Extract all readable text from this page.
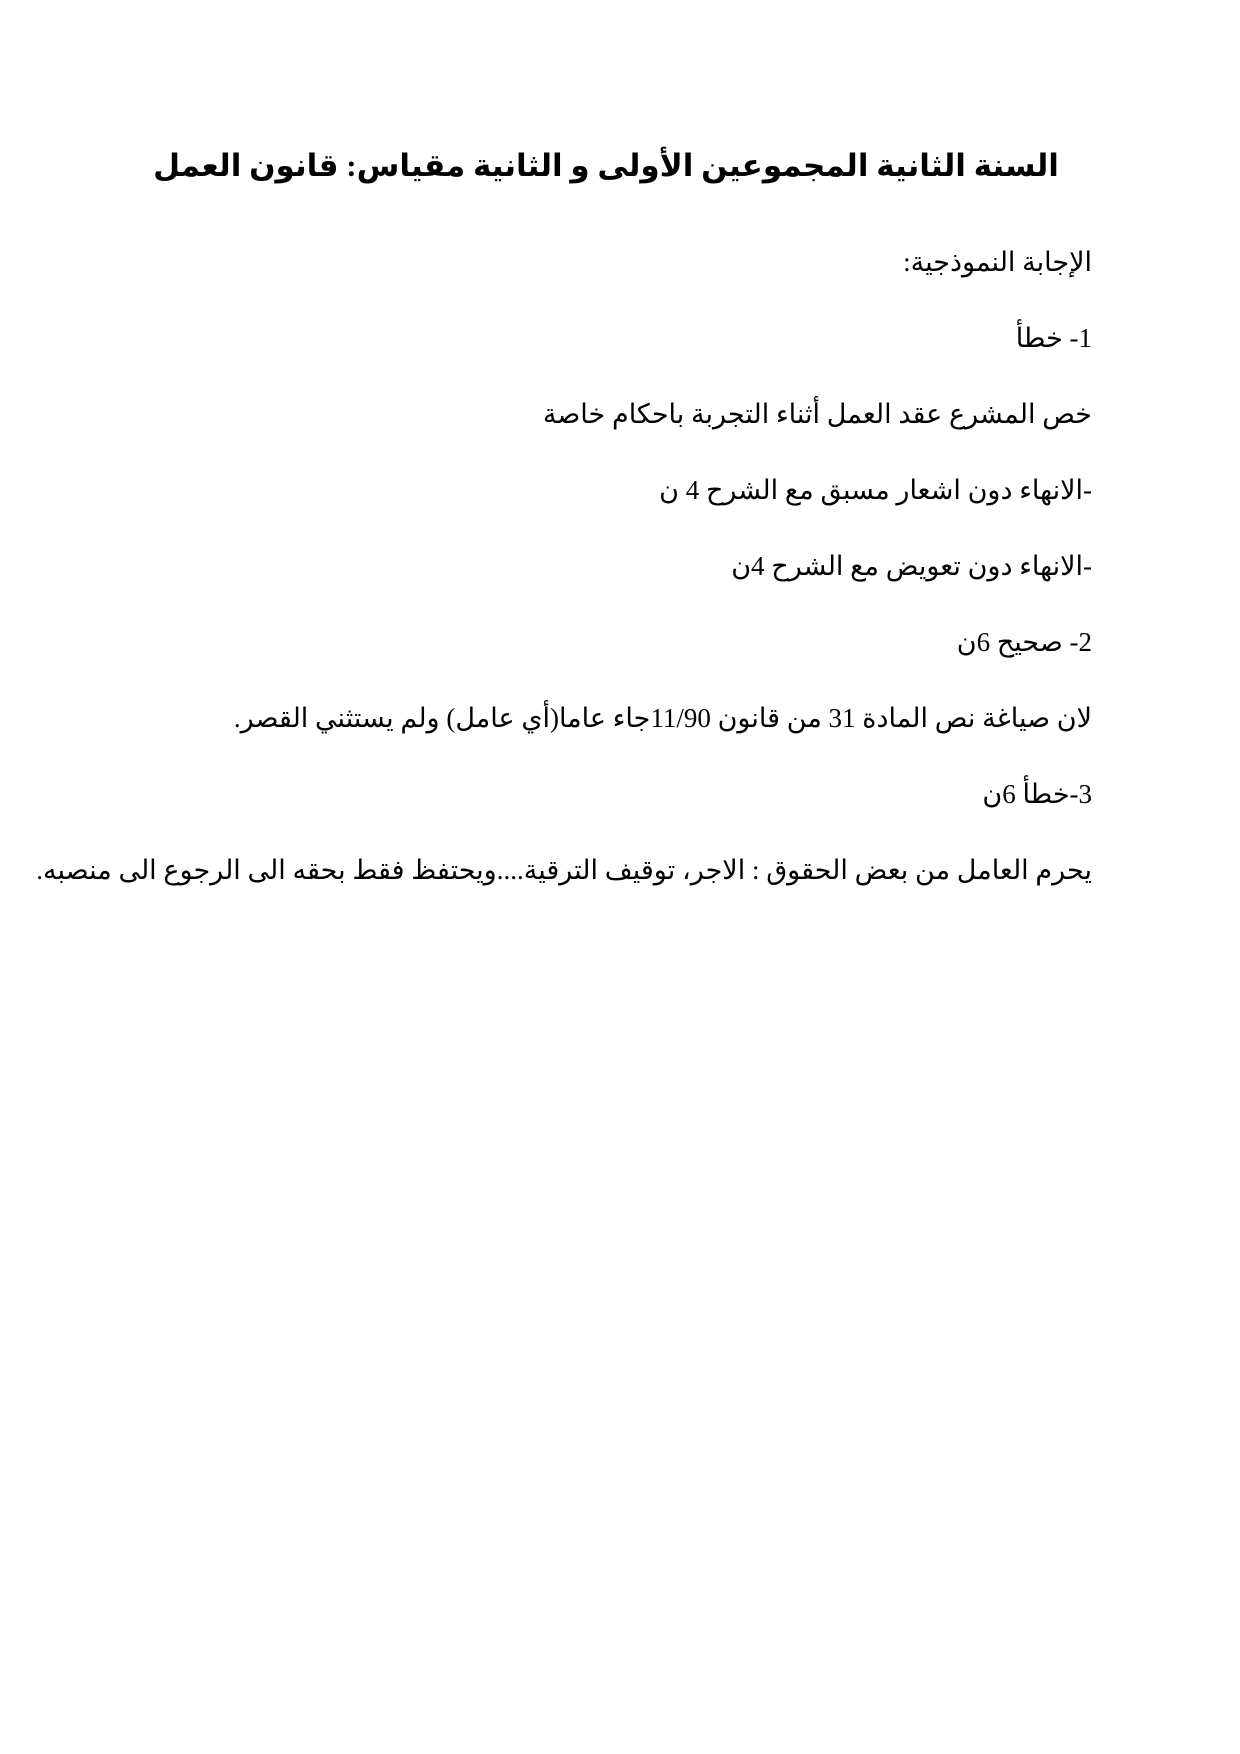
السنة الثانية المجموعين الأولى و الثانية مقياس: قانون العمل

الإجابة النموذجية:

1- خطأ

خص المشرع عقد العمل أثناء التجربة باحكام خاصة

-الانهاء دون اشعار مسبق مع الشرح 4 ن

-الانهاء دون تعويض مع الشرح 4ن

2- صحيح 6ن

لان صياغة نص المادة 31 من قانون 11/90جاء عاما(أي عامل) ولم يستثني القصر.

3-خطأ 6ن

يحرم العامل من بعض الحقوق : الاجر، توقيف الترقية....ويحتفظ فقط بحقه الى الرجوع الى منصبه.
